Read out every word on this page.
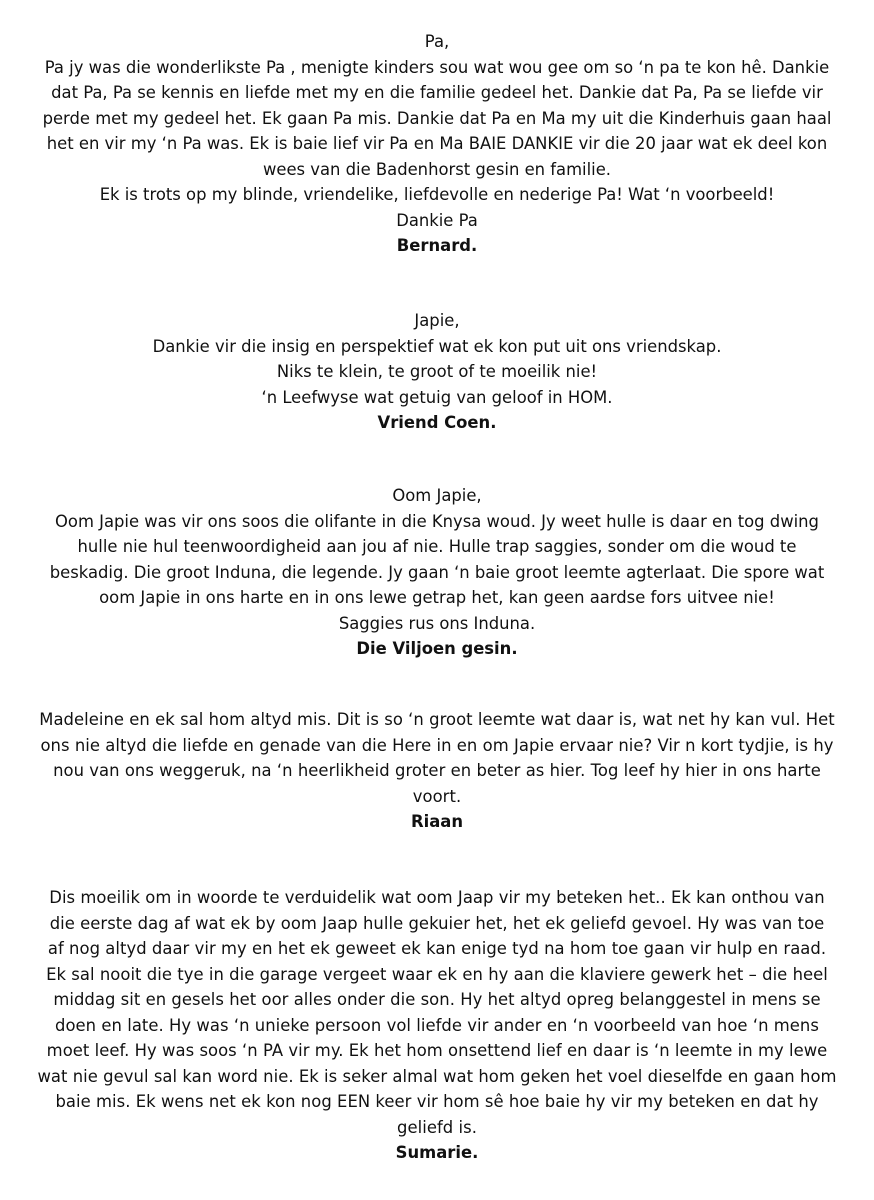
Pa,
Pa jy was die wonderlikste Pa , menigte kinders sou wat wou gee om so ‘n pa te kon hê. Dankie
dat Pa, Pa se kennis en liefde met my en die familie gedeel het. Dankie dat Pa, Pa se liefde vir
perde met my gedeel het. Ek gaan Pa mis. Dankie dat Pa en Ma my uit die Kinderhuis gaan haal
het en vir my ‘n Pa was. Ek is baie lief vir Pa en Ma BAIE DANKIE vir die 20 jaar wat ek deel kon
wees van die Badenhorst gesin en familie.
Ek is trots op my blinde, vriendelike, liefdevolle en nederige Pa! Wat ‘n voorbeeld!
Dankie Pa
Bernard.
Japie,
Dankie vir die insig en perspektief wat ek kon put uit ons vriendskap.
Niks te klein, te groot of te moeilik nie!
‘n Leefwyse wat getuig van geloof in HOM.
Vriend Coen.
Oom Japie,
Oom Japie was vir ons soos die olifante in die Knysa woud. Jy weet hulle is daar en tog dwing
hulle nie hul teenwoordigheid aan jou af nie. Hulle trap saggies, sonder om die woud te
beskadig. Die groot Induna, die legende. Jy gaan ‘n baie groot leemte agterlaat. Die spore wat
oom Japie in ons harte en in ons lewe getrap het, kan geen aardse fors uitvee nie!
Saggies rus ons Induna.
Die Viljoen gesin.
Madeleine en ek sal hom altyd mis. Dit is so ‘n groot leemte wat daar is, wat net hy kan vul. Het
ons nie altyd die liefde en genade van die Here in en om Japie ervaar nie? Vir n kort tydjie, is hy
nou van ons weggeruk, na ‘n heerlikheid groter en beter as hier. Tog leef hy hier in ons harte
voort.
Riaan
Dis moeilik om in woorde te verduidelik wat oom Jaap vir my beteken het.. Ek kan onthou van
die eerste dag af wat ek by oom Jaap hulle gekuier het, het ek geliefd gevoel. Hy was van toe
af nog altyd daar vir my en het ek geweet ek kan enige tyd na hom toe gaan vir hulp en raad.
Ek sal nooit die tye in die garage vergeet waar ek en hy aan die klaviere gewerk het – die heel
middag sit en gesels het oor alles onder die son. Hy het altyd opreg belanggestel in mens se
doen en late. Hy was ‘n unieke persoon vol liefde vir ander en ‘n voorbeeld van hoe ‘n mens
moet leef. Hy was soos ‘n PA vir my. Ek het hom onsettend lief en daar is ‘n leemte in my lewe
wat nie gevul sal kan word nie. Ek is seker almal wat hom geken het voel dieselfde en gaan hom
baie mis. Ek wens net ek kon nog EEN keer vir hom sê hoe baie hy vir my beteken en dat hy
geliefd is.
Sumarie.
